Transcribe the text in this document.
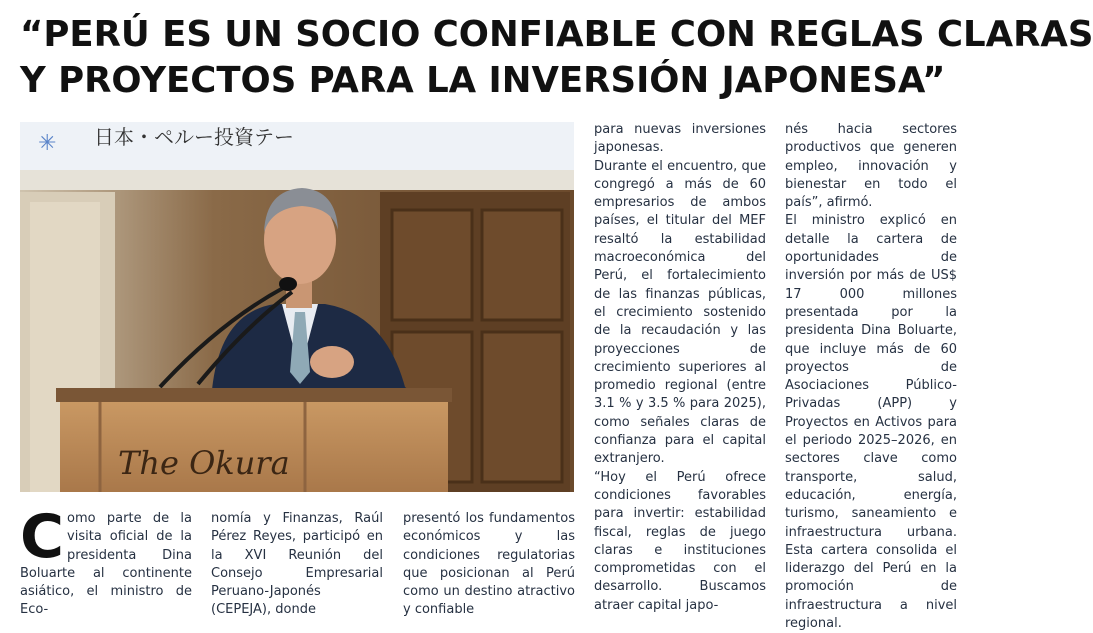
“PERÚ ES UN SOCIO CONFIABLE CON REGLAS CLARAS
Y PROYECTOS PARA LA INVERSIÓN JAPONESA”
✳ 日本・ペルー投資テー
The Okura

Como parte de la visita oficial de la presidenta Dina Boluarte al continente asiático, el ministro de Eco-

nomía y Finanzas, Raúl Pérez Reyes, participó en la XVI Reunión del Consejo Empresarial Peruano-Japonés (CEPEJA), donde

presentó los fundamentos económicos y las condiciones regulatorias que posicionan al Perú como un destino atractivo y confiable

para nuevas inversiones japonesas.

Durante el encuentro, que congregó a más de 60 empresarios de ambos países, el titular del MEF resaltó la estabilidad macroeconómica del Perú, el fortalecimiento de las finanzas públicas, el crecimiento sostenido de la recaudación y las proyecciones de crecimiento superiores al promedio regional (entre 3.1 % y 3.5 % para 2025), como señales claras de confianza para el capital extranjero.

“Hoy el Perú ofrece condiciones favorables para invertir: estabilidad fiscal, reglas de juego claras e instituciones comprometidas con el desarrollo. Buscamos atraer capital japo-

nés hacia sectores productivos que generen empleo, innovación y bienestar en todo el país”, afirmó.

El ministro explicó en detalle la cartera de oportunidades de inversión por más de US$ 17 000 millones presentada por la presidenta Dina Boluarte, que incluye más de 60 proyectos de Asociaciones Público-Privadas (APP) y Proyectos en Activos para el periodo 2025–2026, en sectores clave como transporte, salud, educación, energía, turismo, saneamiento e infraestructura urbana. Esta cartera consolida el liderazgo del Perú en la promoción de infraestructura a nivel regional.
